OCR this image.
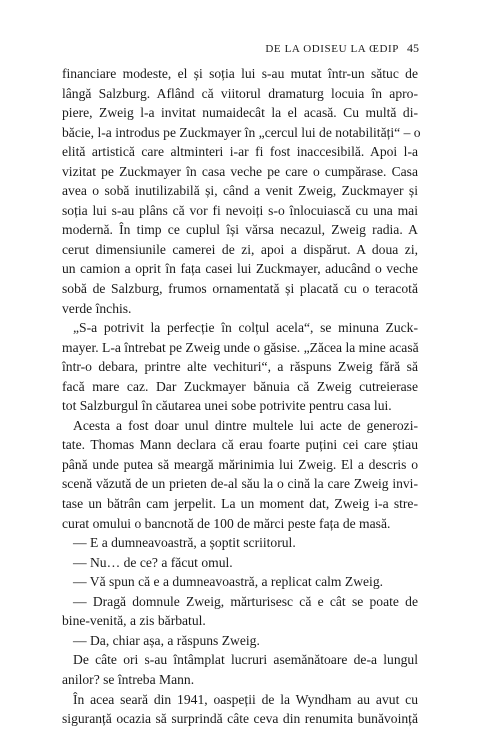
DE LA ODISEU LA ŒDIP 45
financiare modeste, el și soția lui s-au mutat într-un sătuc de
lângă Salzburg. Aflând că viitorul dramaturg locuia în apro-
piere, Zweig l-a invitat numaidecât la el acasă. Cu multă di-
băcie, l-a introdus pe Zuckmayer în „cercul lui de notabilități“ – o
elită artistică care altminteri i-ar fi fost inaccesibilă. Apoi l-a
vizitat pe Zuckmayer în casa veche pe care o cumpărase. Casa
avea o sobă inutilizabilă și, când a venit Zweig, Zuckmayer și
soția lui s-au plâns că vor fi nevoiți s-o înlocuiască cu una mai
modernă. În timp ce cuplul își vărsa necazul, Zweig radia. A
cerut dimensiunile camerei de zi, apoi a dispărut. A doua zi,
un camion a oprit în fața casei lui Zuckmayer, aducând o veche
sobă de Salzburg, frumos ornamentată și placată cu o teracotă
verde închis.
„S-a potrivit la perfecție în colțul acela“, se minuna Zuck-
mayer. L-a întrebat pe Zweig unde o găsise. „Zăcea la mine acasă
într-o debara, printre alte vechituri“, a răspuns Zweig fără să
facă mare caz. Dar Zuckmayer bănuia că Zweig cutreierase
tot Salzburgul în căutarea unei sobe potrivite pentru casa lui.
Acesta a fost doar unul dintre multele lui acte de generozi-
tate. Thomas Mann declara că erau foarte puțini cei care știau
până unde putea să meargă mărinimia lui Zweig. El a descris o
scenă văzută de un prieten de-al său la o cină la care Zweig invi-
tase un bătrân cam jerpelit. La un moment dat, Zweig i-a stre-
curat omului o bancnotă de 100 de mărci peste fața de masă.
— E a dumneavoastră, a șoptit scriitorul.
— Nu… de ce? a făcut omul.
— Vă spun că e a dumneavoastră, a replicat calm Zweig.
— Dragă domnule Zweig, mărturisesc că e cât se poate de
bine-venită, a zis bărbatul.
— Da, chiar așa, a răspuns Zweig.
De câte ori s-au întâmplat lucruri asemănătoare de-a lungul
anilor? se întreba Mann.
În acea seară din 1941, oaspeții de la Wyndham au avut cu
siguranță ocazia să surprindă câte ceva din renumita bunăvoință
